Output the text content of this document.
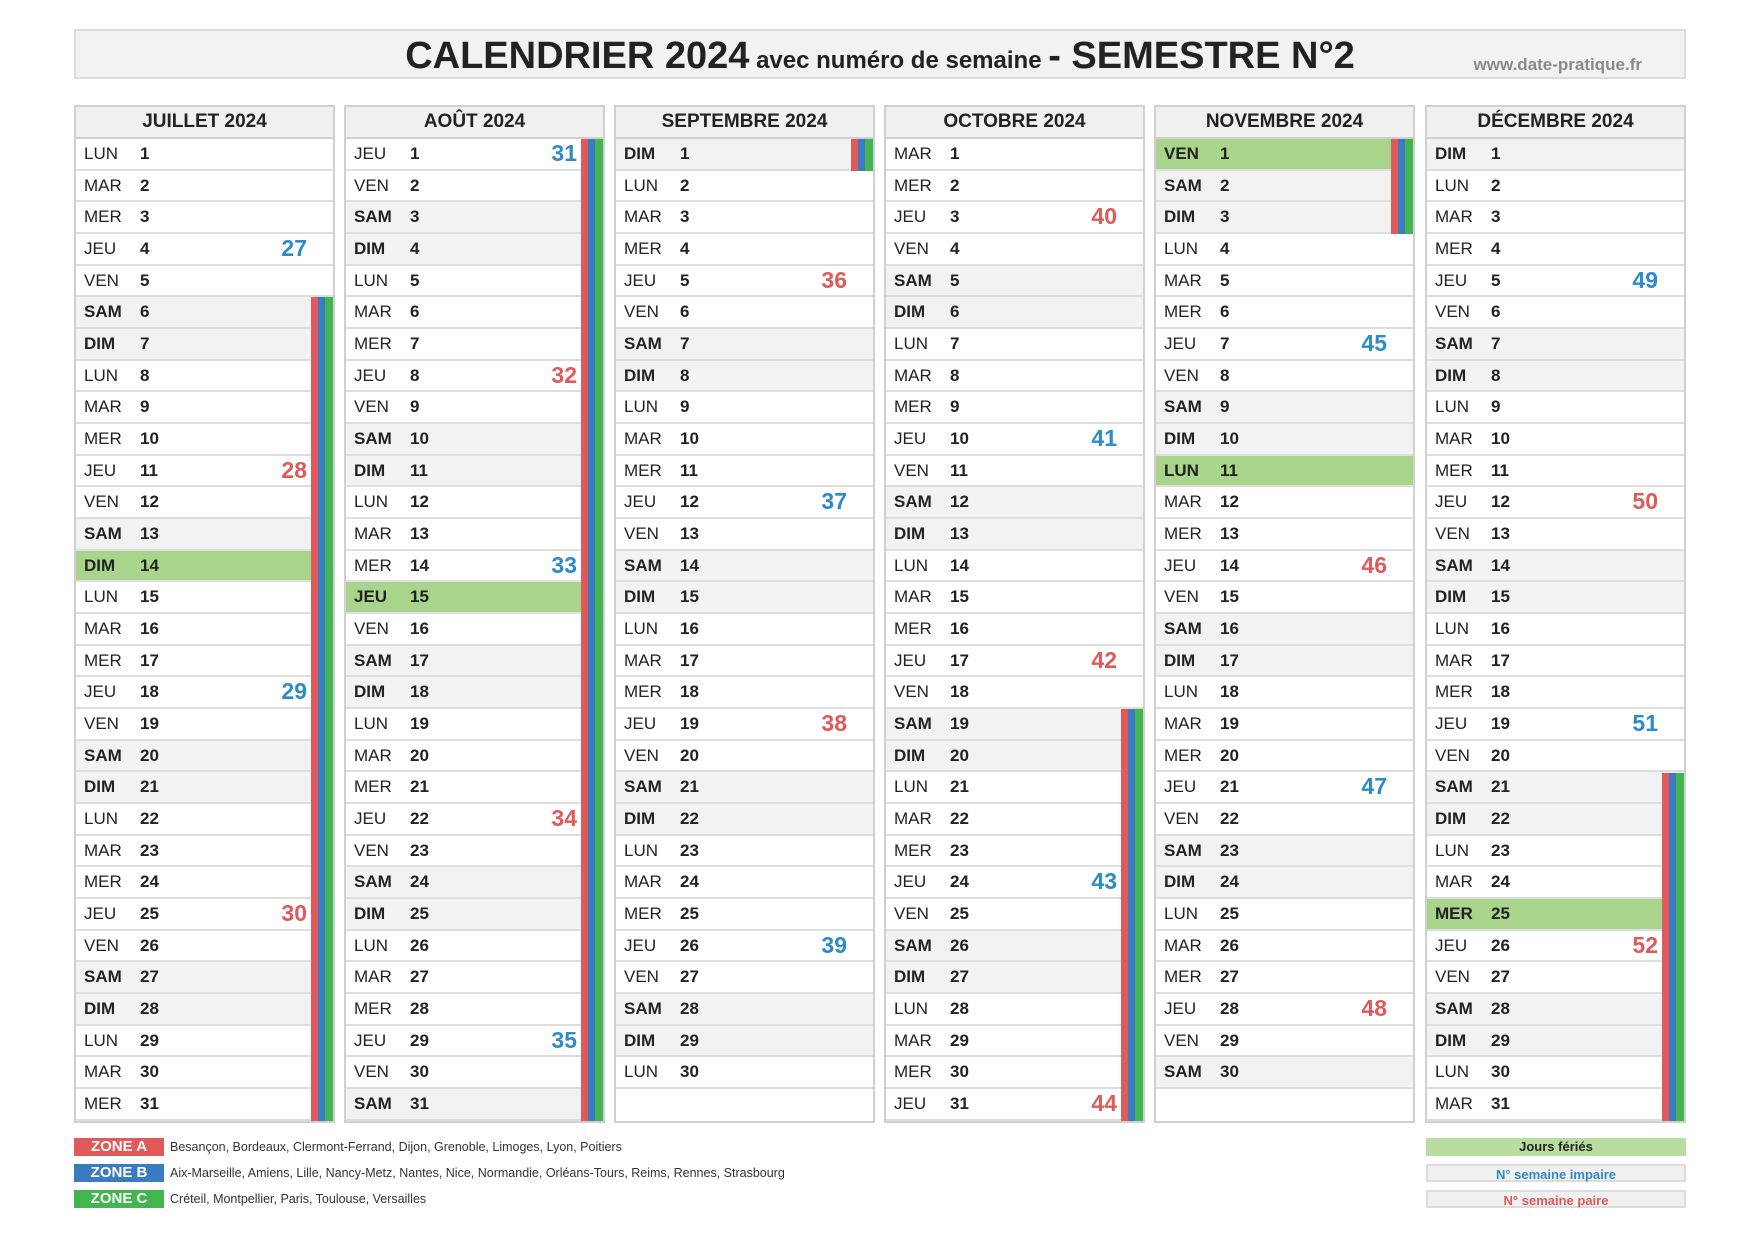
CALENDRIER 2024 avec numéro de semaine - SEMESTRE N°2	www.date-pratique.fr
JUILLET 2024
LUN	1
MAR	2
MER	3
JEU	4	27
VEN	5
SAM	6
DIM	7
LUN	8
MAR	9
MER	10
JEU	11	28
VEN	12
SAM	13
DIM	14
LUN	15
MAR	16
MER	17
JEU	18	29
VEN	19
SAM	20
DIM	21
LUN	22
MAR	23
MER	24
JEU	25	30
VEN	26
SAM	27
DIM	28
LUN	29
MAR	30
MER	31
AOÛT 2024
JEU	1	31
VEN	2
SAM	3
DIM	4
LUN	5
MAR	6
MER	7
JEU	8	32
VEN	9
SAM	10
DIM	11
LUN	12
MAR	13
MER	14	33
JEU	15
VEN	16
SAM	17
DIM	18
LUN	19
MAR	20
MER	21
JEU	22	34
VEN	23
SAM	24
DIM	25
LUN	26
MAR	27
MER	28
JEU	29	35
VEN	30
SAM	31
SEPTEMBRE 2024
DIM	1
LUN	2
MAR	3
MER	4
JEU	5	36
VEN	6
SAM	7
DIM	8
LUN	9
MAR	10
MER	11
JEU	12	37
VEN	13
SAM	14
DIM	15
LUN	16
MAR	17
MER	18
JEU	19	38
VEN	20
SAM	21
DIM	22
LUN	23
MAR	24
MER	25
JEU	26	39
VEN	27
SAM	28
DIM	29
LUN	30
OCTOBRE 2024
MAR	1
MER	2
JEU	3	40
VEN	4
SAM	5
DIM	6
LUN	7
MAR	8
MER	9
JEU	10	41
VEN	11
SAM	12
DIM	13
LUN	14
MAR	15
MER	16
JEU	17	42
VEN	18
SAM	19
DIM	20
LUN	21
MAR	22
MER	23
JEU	24	43
VEN	25
SAM	26
DIM	27
LUN	28
MAR	29
MER	30
JEU	31	44
NOVEMBRE 2024
VEN	1
SAM	2
DIM	3
LUN	4
MAR	5
MER	6
JEU	7	45
VEN	8
SAM	9
DIM	10
LUN	11
MAR	12
MER	13
JEU	14	46
VEN	15
SAM	16
DIM	17
LUN	18
MAR	19
MER	20
JEU	21	47
VEN	22
SAM	23
DIM	24
LUN	25
MAR	26
MER	27
JEU	28	48
VEN	29
SAM	30
DÉCEMBRE 2024
DIM	1
LUN	2
MAR	3
MER	4
JEU	5	49
VEN	6
SAM	7
DIM	8
LUN	9
MAR	10
MER	11
JEU	12	50
VEN	13
SAM	14
DIM	15
LUN	16
MAR	17
MER	18
JEU	19	51
VEN	20
SAM	21
DIM	22
LUN	23
MAR	24
MER	25
JEU	26	52
VEN	27
SAM	28
DIM	29
LUN	30
MAR	31
ZONE A	Besançon, Bordeaux, Clermont-Ferrand, Dijon, Grenoble, Limoges, Lyon, Poitiers
ZONE B	Aix-Marseille, Amiens, Lille, Nancy-Metz, Nantes, Nice, Normandie, Orléans-Tours, Reims, Rennes, Strasbourg
ZONE C	Créteil, Montpellier, Paris, Toulouse, Versailles
Jours fériés
N° semaine impaire
N° semaine paire
